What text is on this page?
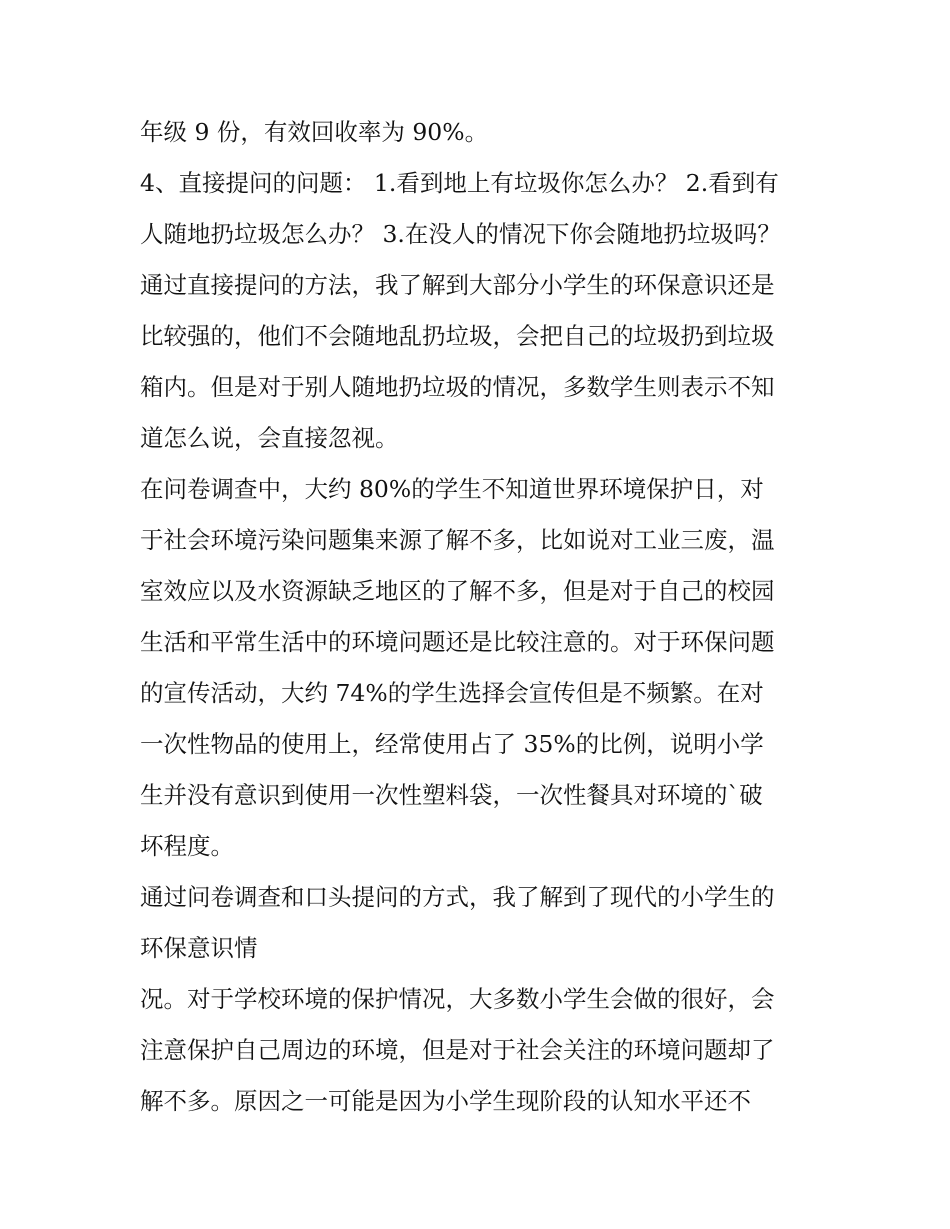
年级 9 份，有效回收率为 90%。
4、直接提问的问题： 1.看到地上有垃圾你怎么办？ 2.看到有
人随地扔垃圾怎么办？ 3.在没人的情况下你会随地扔垃圾吗？
通过直接提问的方法，我了解到大部分小学生的环保意识还是
比较强的，他们不会随地乱扔垃圾，会把自己的垃圾扔到垃圾
箱内。但是对于别人随地扔垃圾的情况，多数学生则表示不知
道怎么说，会直接忽视。
在问卷调查中，大约 80%的学生不知道世界环境保护日，对
于社会环境污染问题集来源了解不多，比如说对工业三废，温
室效应以及水资源缺乏地区的了解不多，但是对于自己的校园
生活和平常生活中的环境问题还是比较注意的。对于环保问题
的宣传活动，大约 74%的学生选择会宣传但是不频繁。在对
一次性物品的使用上，经常使用占了 35%的比例，说明小学
生并没有意识到使用一次性塑料袋，一次性餐具对环境的`破
坏程度。
通过问卷调查和口头提问的方式，我了解到了现代的小学生的
环保意识情
况。对于学校环境的保护情况，大多数小学生会做的很好，会
注意保护自己周边的环境，但是对于社会关注的环境问题却了
解不多。原因之一可能是因为小学生现阶段的认知水平还不
